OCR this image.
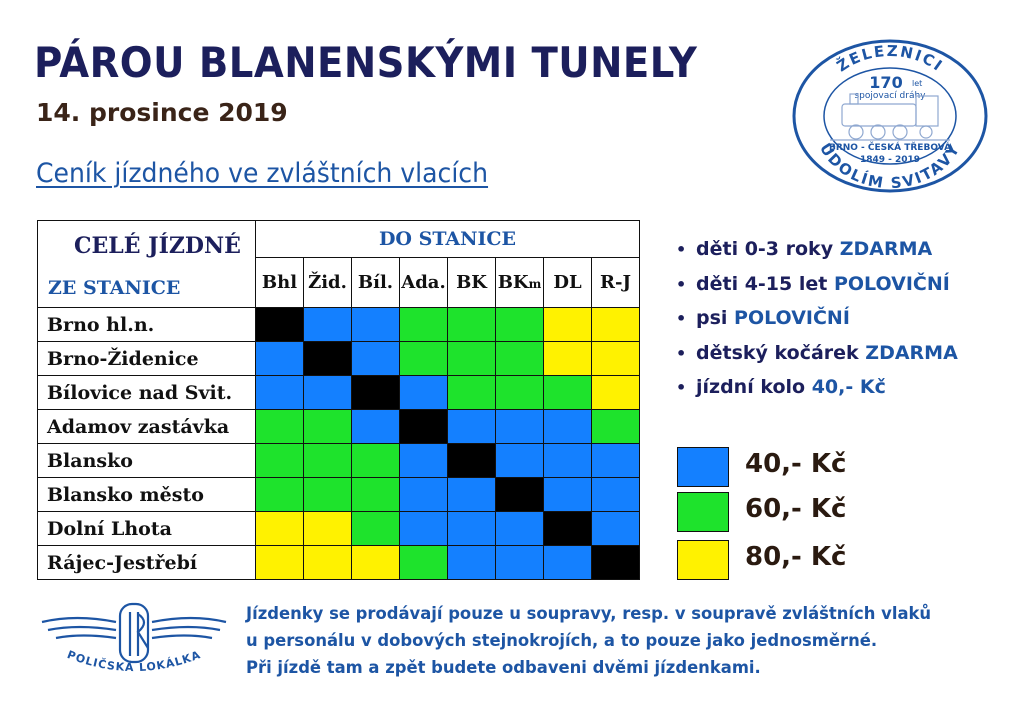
PÁROU BLANENSKÝMI TUNELY
14. prosince 2019
Ceník jízdného ve zvláštních vlacích
ŽELEZNICI
ÚDOLÍM SVITAVY
170 let
spojovací dráhy
BRNO - ČESKÁ TŘEBOVÁ
1849 - 2019
CELÉ JÍZDNÉ
ZE STANICE	DO STANICE							
	Bhl	Žid.	Bíl.	Ada.	BK	BKm	DL	R-J
Brno hl.n.								
Brno-Židenice								
Bílovice nad Svit.								
Adamov zastávka								
Blansko								
Blansko město								
Dolní Lhota								
Rájec-Jestřebí								
• děti 0-3 roky ZDARMA
• děti 4-15 let POLOVIČNÍ
• psi POLOVIČNÍ
• dětský kočárek ZDARMA
• jízdní kolo 40,- Kč
40,- Kč
60,- Kč
80,- Kč
POLIČSKÁ LOKÁLKA
Jízdenky se prodávají pouze u soupravy, resp. v soupravě zvláštních vlaků
u personálu v dobových stejnokrojích, a to pouze jako jednosměrné.
Při jízdě tam a zpět budete odbaveni dvěmi jízdenkami.
